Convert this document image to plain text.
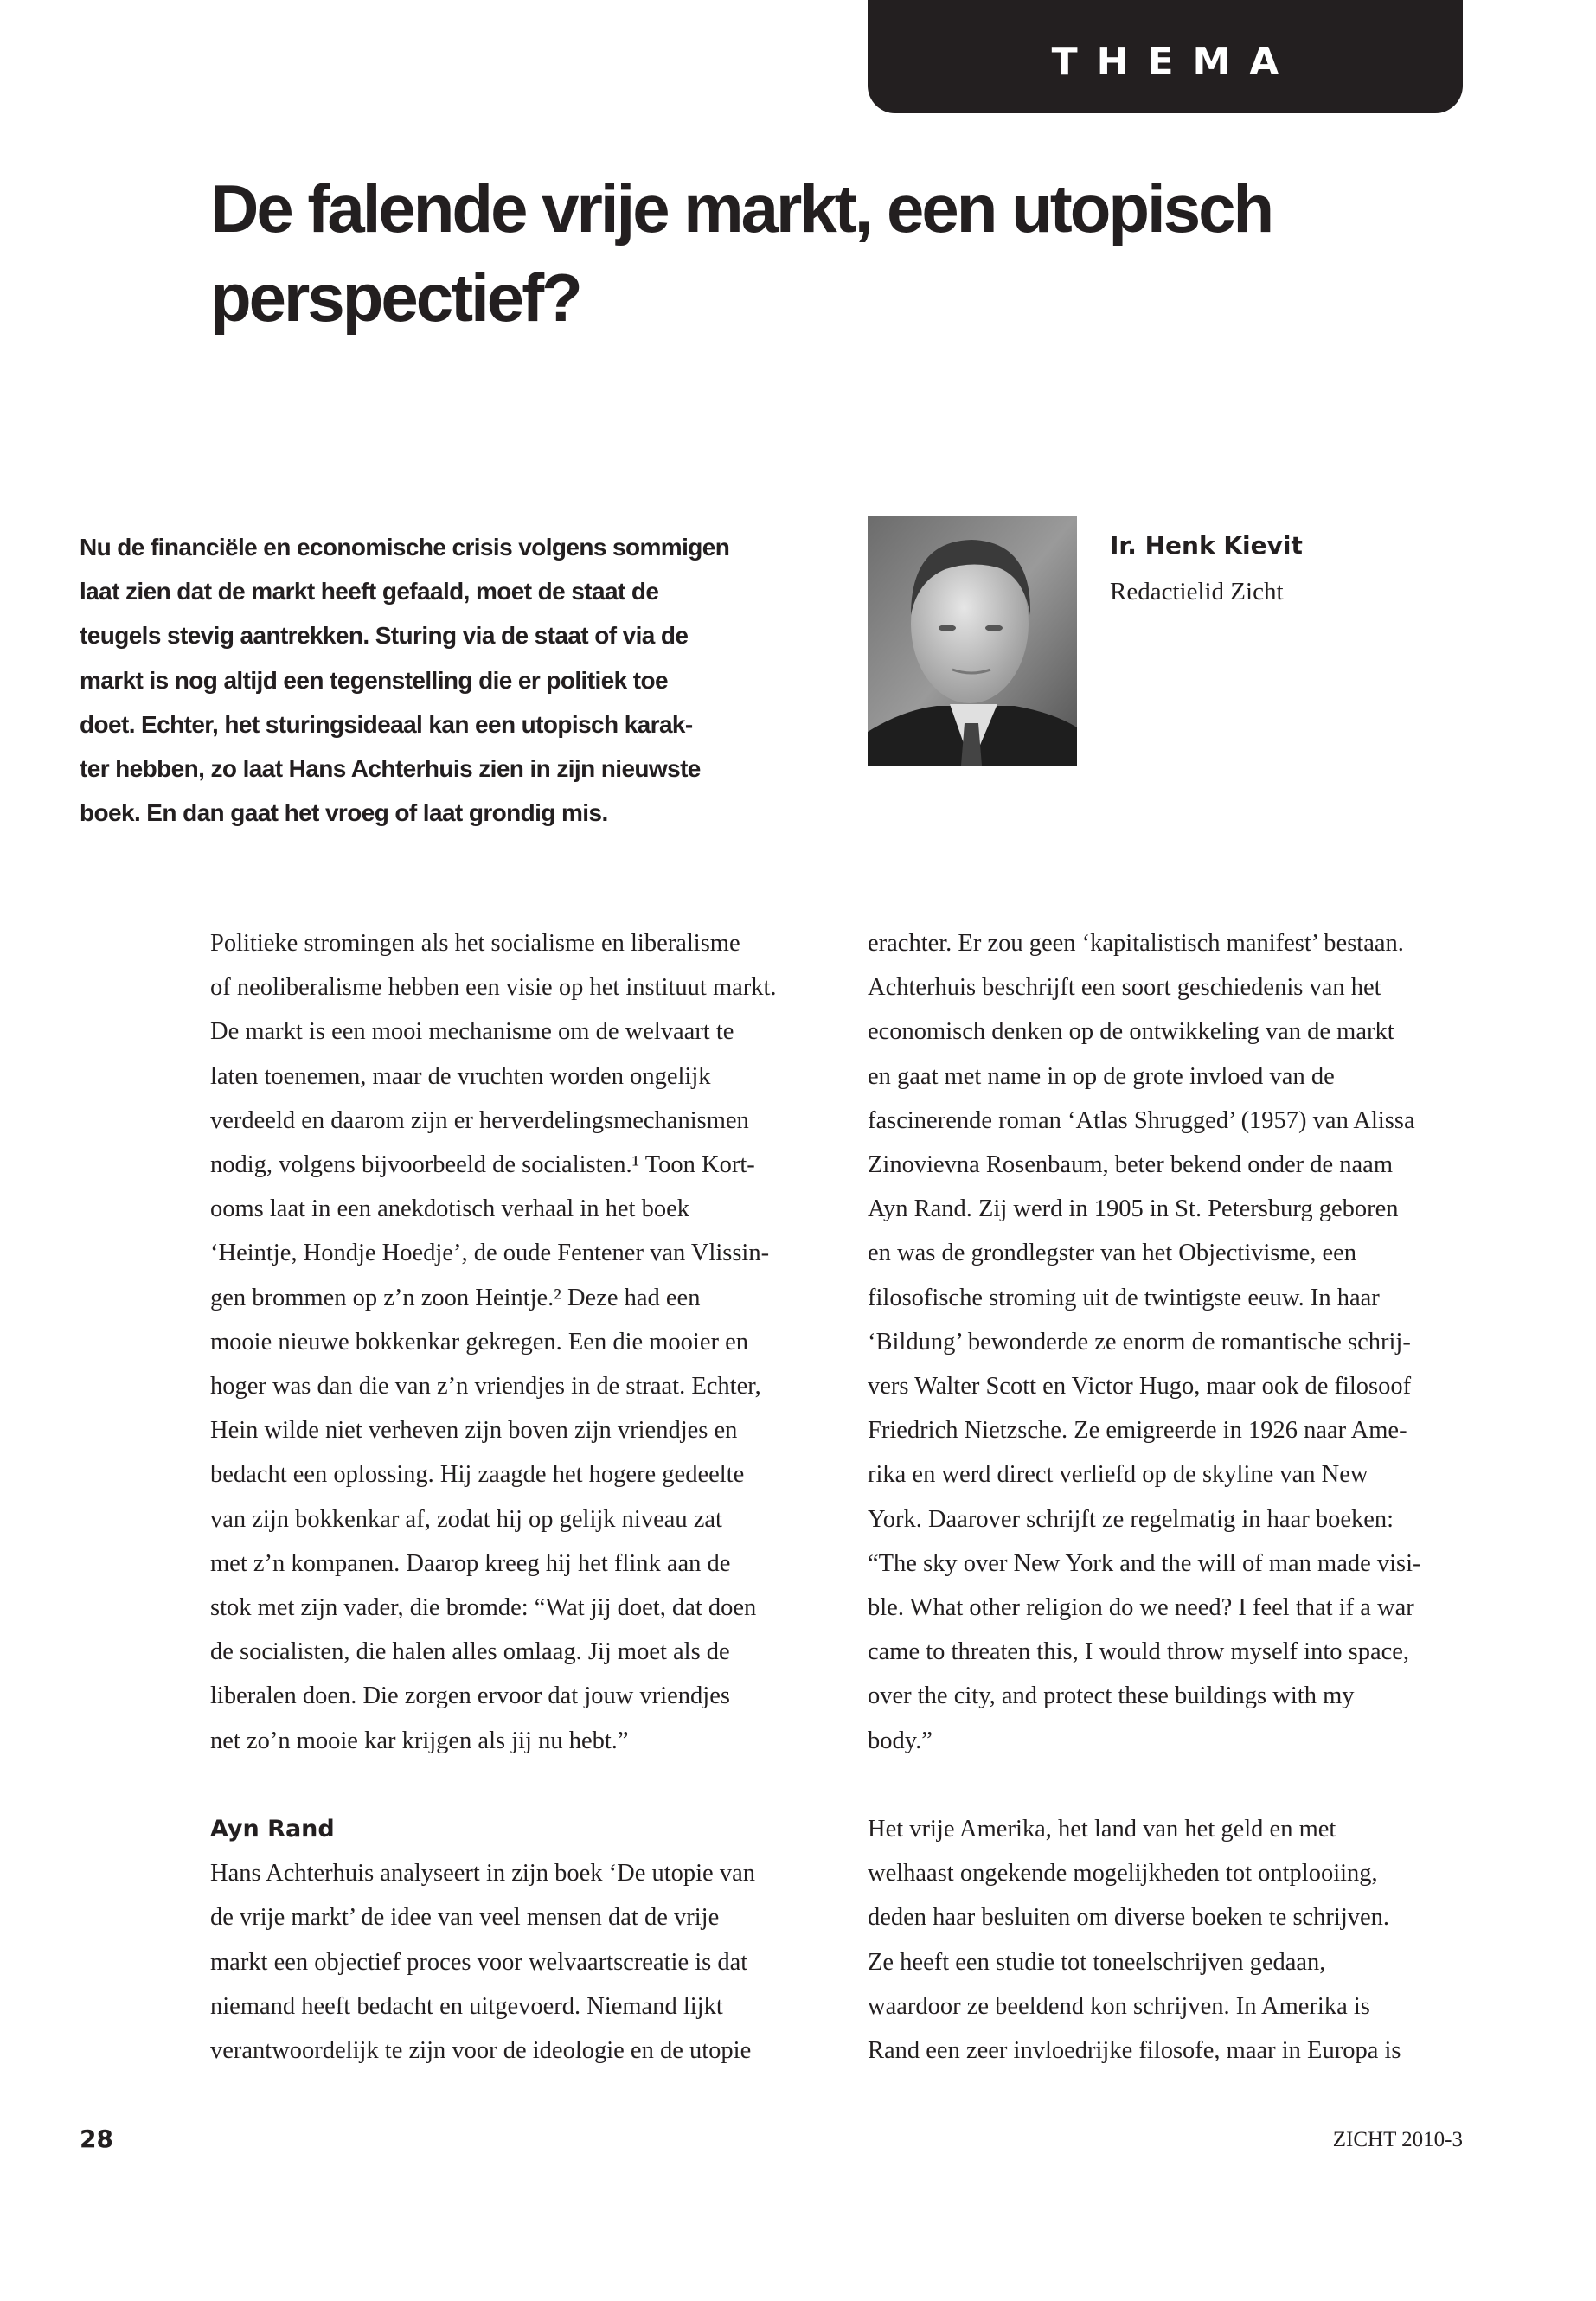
THEMA
De falende vrije markt, een utopisch
perspectief?
Nu de financiële en economische crisis volgens sommigen
laat zien dat de markt heeft gefaald, moet de staat de
teugels stevig aantrekken. Sturing via de staat of via de
markt is nog altijd een tegenstelling die er politiek toe
doet. Echter, het sturingsideaal kan een utopisch karak-
ter hebben, zo laat Hans Achterhuis zien in zijn nieuwste
boek. En dan gaat het vroeg of laat grondig mis.
Ir. Henk Kievit
Redactielid Zicht
Politieke stromingen als het socialisme en liberalisme
of neoliberalisme hebben een visie op het instituut markt.
De markt is een mooi mechanisme om de welvaart te
laten toenemen, maar de vruchten worden ongelijk
verdeeld en daarom zijn er herverdelingsmechanismen
nodig, volgens bijvoorbeeld de socialisten.¹ Toon Kort-
ooms laat in een anekdotisch verhaal in het boek
‘Heintje, Hondje Hoedje’, de oude Fentener van Vlissin-
gen brommen op z’n zoon Heintje.² Deze had een
mooie nieuwe bokkenkar gekregen. Een die mooier en
hoger was dan die van z’n vriendjes in de straat. Echter,
Hein wilde niet verheven zijn boven zijn vriendjes en
bedacht een oplossing. Hij zaagde het hogere gedeelte
van zijn bokkenkar af, zodat hij op gelijk niveau zat
met z’n kompanen. Daarop kreeg hij het flink aan de
stok met zijn vader, die bromde: “Wat jij doet, dat doen
de socialisten, die halen alles omlaag. Jij moet als de
liberalen doen. Die zorgen ervoor dat jouw vriendjes
net zo’n mooie kar krijgen als jij nu hebt.”
Ayn Rand
Hans Achterhuis analyseert in zijn boek ‘De utopie van
de vrije markt’ de idee van veel mensen dat de vrije
markt een objectief proces voor welvaartscreatie is dat
niemand heeft bedacht en uitgevoerd. Niemand lijkt
verantwoordelijk te zijn voor de ideologie en de utopie
erachter. Er zou geen ‘kapitalistisch manifest’ bestaan.
Achterhuis beschrijft een soort geschiedenis van het
economisch denken op de ontwikkeling van de markt
en gaat met name in op de grote invloed van de
fascinerende roman ‘Atlas Shrugged’ (1957) van Alissa
Zinovievna Rosenbaum, beter bekend onder de naam
Ayn Rand. Zij werd in 1905 in St. Petersburg geboren
en was de grondlegster van het Objectivisme, een
filosofische stroming uit de twintigste eeuw. In haar
‘Bildung’ bewonderde ze enorm de romantische schrij-
vers Walter Scott en Victor Hugo, maar ook de filosoof
Friedrich Nietzsche. Ze emigreerde in 1926 naar Ame-
rika en werd direct verliefd op de skyline van New
York. Daarover schrijft ze regelmatig in haar boeken:
“The sky over New York and the will of man made visi-
ble. What other religion do we need? I feel that if a war
came to threaten this, I would throw myself into space,
over the city, and protect these buildings with my
body.”
Het vrije Amerika, het land van het geld en met
welhaast ongekende mogelijkheden tot ontplooiing,
deden haar besluiten om diverse boeken te schrijven.
Ze heeft een studie tot toneelschrijven gedaan,
waardoor ze beeldend kon schrijven. In Amerika is
Rand een zeer invloedrijke filosofe, maar in Europa is
28	ZICHT 2010-3
